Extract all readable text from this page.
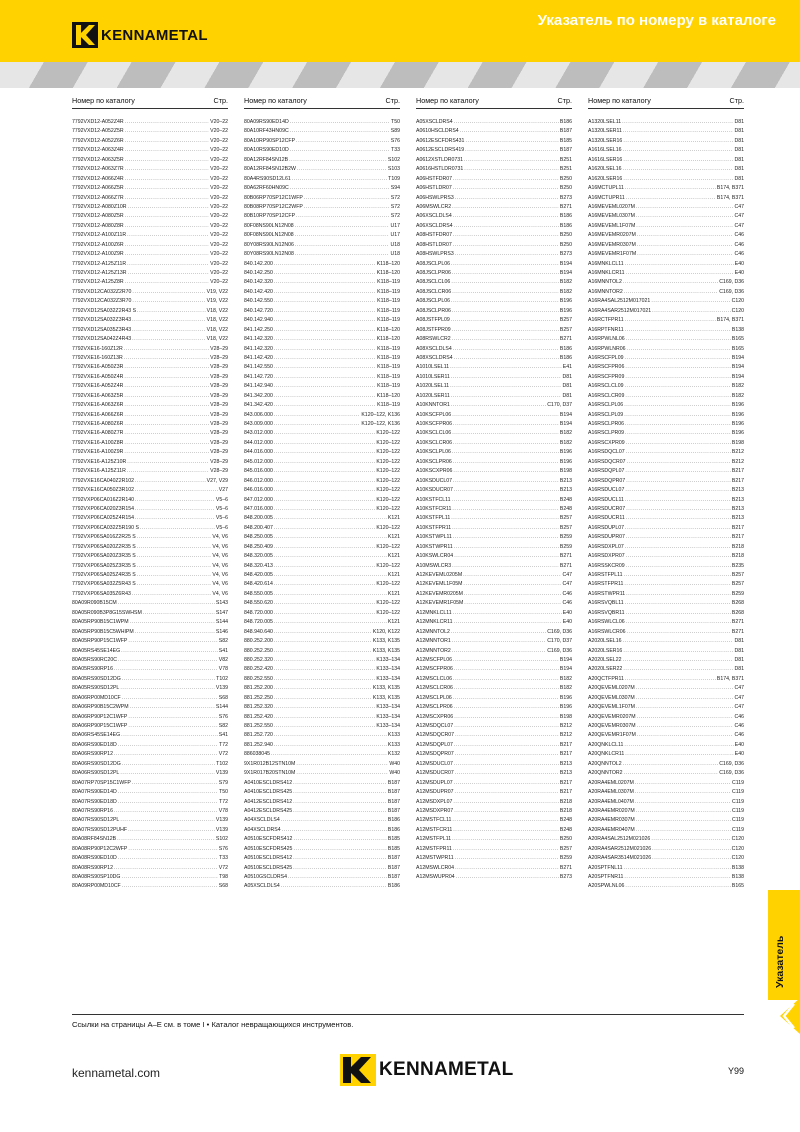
KENNAMETAL
Указатель по номеру в каталоге
Номер по каталогу	Стр.
7792VXD12-A052Z4R .....	V20–22
7792VXD12-A052Z5R .....	V20–22
7792VXD12-A052Z6R .....	V20–22
7792VXD12-A063Z4R .....	V20–22
7792VXD12-A063Z5R .....	V20–22
7792VXD12-A063Z7R .....	V20–22
7792VXD12-A066Z4R .....	V20–22
7792VXD12-A066Z5R .....	V20–22
7792VXD12-A066Z7R .....	V20–22
7792VXD12-A080Z10R .....	V20–22
7792VXD12-A080Z5R .....	V20–22
7792VXD12-A080Z8R .....	V20–22
7792VXD12-A100Z11R .....	V20–22
7792VXD12-A100Z6R .....	V20–22
7792VXD12-A100Z9R .....	V20–22
7792VXD12-A125Z11R .....	V20–22
7792VXD12-A125Z13R .....	V20–22
7792VXD12-A125Z8R .....	V20–22
7792VXD12CA032Z2R70 .....	V19, V22
7792VXD12CA032Z3R70 .....	V19, V22
7792VXD12SA032Z2R43 S .....	V18, V22
7792VXD12SA032Z3R43 .....	V18, V22
7792VXD12SA035Z3R43 .....	V18, V22
7792VXD12SA042Z4R43 .....	V18, V22
7792VXE16-160Z12R .....	V28–29
7792VXE16-160Z13R .....	V28–29
7792VXE16-A050Z3R .....	V28–29
7792VXE16-A050Z4R .....	V28–29
7792VXE16-A052Z4R .....	V28–29
7792VXE16-A063Z5R .....	V28–29
7792VXE16-A063Z6R .....	V28–29
7792VXE16-A066Z6R .....	V28–29
7792VXE16-A080Z6R .....	V28–29
7792VXE16-A080Z7R .....	V28–29
7792VXE16-A100Z8R .....	V28–29
7792VXE16-A100Z9R .....	V28–29
7792VXE16-A125Z10R .....	V28–29
7792VXE16-A125Z11R .....	V28–29
7792VXE16CA040Z2R102 .....	V27, V29
7792VXE16CA050Z3R102 .....	V27
7792VXP06CA016Z2R140 .....	V5–6
7792VXP06CA020Z3R154 .....	V5–6
7792VXP06CA025Z4R154 .....	V5–6
7792VXP06CA032Z5R190 S .....	V5–6
7792VXP06SA016Z2R25 S .....	V4, V6
7792VXP06SA020Z2R35 S .....	V4, V6
7792VXP06SA020Z3R35 S .....	V4, V6
7792VXP06SA025Z3R35 S .....	V4, V6
7792VXP06SA025Z4R35 S .....	V4, V6
7792VXP06SA032Z5R43 S .....	V4, V6
7792VXP06SA035Z6R43 .....	V4, V6
80A09R090B15CM .....	S143
80A05R090B3P8G15SWHSM .....	S147
80A05RP90B15C1WPM .....	S144
80A05RP90B15C5WHIPM .....	S146
80A05RP90P15C1WFP .....	S82
80A05RS45SE14EG .....	S41
80A05RS90RC20C .....	V82
80A05RS90RP16 .....	V78
80A05RS90SD12DG .....	T102
80A05RS90SD12PL .....	V139
80A06RP00MD10CF .....	S68
80A06RP90B15C2WPM .....	S144
80A06RP90P12C1WFP .....	S76
80A06RP90P15C1WFP .....	S82
80A06RS45SE14EG .....	S41
80A06RS90ED18D .....	T72
80A06RS90RP12 .....	V72
80A06RS90SD12DG .....	T102
80A06RS90SD12PL .....	V139
80A07RP70SP15C1WFP .....	S79
80A07RS90ED14D .....	T50
80A07RS90ED18D .....	T72
80A07RS90RP16 .....	V78
80A07RS90SD12PL .....	V139
80A07RS90SD12PUHF .....	V139
80A08RF84SN12B .....	S102
80A08RP90P12C2WFP .....	S76
80A08RS90ED10D .....	T33
80A08RS90RP12 .....	V72
80A08RS90SP10DG .....	T98
80A09RP00MD10CF .....	S68
Номер по каталогу	Стр.
80A09RS90ED14D .....	T50
80A10RF43HN09C .....	S89
80A10RP90SP12CFP .....	S76
80A10RS90ED10D .....	T33
80A12RF84SN12B .....	S102
80A12RF84SN12B2W .....	S103
80A4RS90SD12L61 .....	T109
80A62RF60HN09C .....	S94
80B06RP70SP12C1WFP .....	S72
80B08RP70SP12C2WFP .....	S72
80B10RP70SP12CFP .....	S72
80F08NS90LN12N08 .....	U17
80F08NS90LN12N08 .....	U17
80Y08RS90LN12N06 .....	U18
80Y08RS90LN12N08 .....	U18
840.142.200 .....	K118–120
840.142.250 .....	K118–120
840.142.320 .....	K118–119
840.142.420 .....	K118–119
840.142.550 .....	K118–119
840.142.720 .....	K118–119
840.142.940 .....	K118–119
841.142.250 .....	K118–120
841.142.320 .....	K118–120
841.142.320 .....	K118–119
841.142.420 .....	K118–119
841.142.550 .....	K118–119
841.142.720 .....	K118–119
841.142.940 .....	K118–119
841.342.200 .....	K118–120
841.342.420 .....	K118–119
843.006.000 .....	K120–122, K136
843.009.000 .....	K120–122, K136
843.012.000 .....	K120–122
844.012.000 .....	K120–122
844.016.000 .....	K120–122
845.012.000 .....	K120–122
845.016.000 .....	K120–122
846.012.000 .....	K120–122
846.016.000 .....	K120–122
847.012.000 .....	K120–122
847.016.000 .....	K120–122
848.200.005 .....	K121
848.200.407 .....	K120–122
848.250.005 .....	K121
848.250.409 .....	K120–122
848.320.005 .....	K121
848.320.413 .....	K120–122
848.420.005 .....	K121
848.420.614 .....	K120–122
848.550.005 .....	K121
848.550.620 .....	K120–122
848.720.000 .....	K120–122
848.720.005 .....	K121
848.940.640 .....	K120, K122
880.252.200 .....	K133, K135
880.252.250 .....	K133, K135
880.252.320 .....	K133–134
880.252.420 .....	K133–134
880.252.550 .....	K133–134
881.252.200 .....	K133, K135
881.252.250 .....	K133, K135
881.252.320 .....	K133–134
881.252.420 .....	K133–134
881.252.550 .....	K133–134
881.252.720 .....	K133
881.252.940 .....	K133
886038045 .....	K132
9X1R012B12STN10M .....	W40
9X1R017B20STN10M .....	W40
A0410ESCLDRS412 .....	B187
A0410ESCLDRS425 .....	B187
A0412ESCLDRS412 .....	B187
A0412ESCLDRS425 .....	B187
A04XSCLDLS4 .....	B186
A04XSCLDRS4 .....	B186
A0510ESCFDRS412 .....	B185
A0510ESCFDRS425 .....	B185
A0510ESCLDRS412 .....	B187
A0510ESCLDRS425 .....	B187
A0510GSCLDRS4 .....	B187
A05XSCLDLS4 .....	B186
Номер по каталогу	Стр.
A05XSCLDRS4 .....	B186
A0610HSCLDRS4 .....	B187
A0612ESCFDRS431 .....	B185
A0612ESCLDRS419 .....	B187
A0612XSTLDR0731 .....	B251
A0616HSTLDR0731 .....	B251
A06HSTFDR07 .....	B250
A06HSTLDR07 .....	B250
A06HSWLPRS3 .....	B273
A06MSWLCR2 .....	B271
A06XSCLDLS4 .....	B186
A06XSCLDRS4 .....	B186
A08HSTFDR07 .....	B250
A08HSTLDR07 .....	B250
A08HSWLPRS3 .....	B273
A08JSCLPL06 .....	B194
A08JSCLPR06 .....	B194
A08JSCLCL06 .....	B182
A08JSCLCR06 .....	B182
A08JSCLPL06 .....	B196
A08JSCLPR06 .....	B196
A08JSTFPL09 .....	B257
A08JSTFPR09 .....	B257
A08RSWLCR2 .....	B271
A08XSCLDLS4 .....	B186
A08XSCLDRS4 .....	B186
A1010LSEL11 .....	E41
A1010LSER11 .....	D81
A1020LSEL11 .....	D81
A1020LSER11 .....	D81
A10KNNTOR1 .....	C170, D37
A10KSCFPL06 .....	B194
A10KSCFPR06 .....	B194
A10KSCLCL06 .....	B182
A10KSCLCR06 .....	B182
A10KSCLPL06 .....	B196
A10KSCLPR06 .....	B196
A10KSCXPR06 .....	B198
A10KSDUCL07 .....	B213
A10KSDUCR07 .....	B213
A10KSTFCL11 .....	B248
A10KSTFCR11 .....	B248
A10KSTFPL11 .....	B257
A10KSTFPR11 .....	B257
A10KSTWPL11 .....	B259
A10KSTWPR11 .....	B259
A10KSWLCR04 .....	B271
A10MSWLCR3 .....	B271
A12KEVEML0205M .....	C47
A12KEVEML1F05M .....	C47
A12KEVEMR0205M .....	C46
A12KEVEMR1F05M .....	C46
A12MNKLCL11 .....	E40
A12MNKLCR11 .....	E40
A12MNNTOL2 .....	C169, D36
A12MNNTOR1 .....	C170, D37
A12MNNTOR2 .....	C169, D36
A12MSCFPL06 .....	B194
A12MSCFPR06 .....	B194
A12MSCLCL06 .....	B182
A12MSCLCR06 .....	B182
A12MSCLPL06 .....	B196
A12MSCLPR06 .....	B196
A12MSCXPR06 .....	B198
A12MSDQCL07 .....	B212
A12MSDQCR07 .....	B212
A12MSDQPL07 .....	B217
A12MSDQPR07 .....	B217
A12MSDUCL07 .....	B213
A12MSDUCR07 .....	B213
A12MSDUPL07 .....	B217
A12MSDUPR07 .....	B217
A12MSDXPL07 .....	B218
A12MSDXPR07 .....	B218
A12MSTFCL11 .....	B248
A12MSTFCR11 .....	B248
A12MSTFPL11 .....	B250
A12MSTFPR11 .....	B257
A12MSTWPR11 .....	B259
A12MSWLCR04 .....	B271
A12MSWUPR04 .....	B273
Номер по каталогу	Стр.
A1320LSEL11 .....	D81
A1320LSER11 .....	D81
A1320LSER16 .....	D81
A1616LSEL16 .....	D81
A1616LSER16 .....	D81
A1620LSEL16 .....	D81
A1620LSER16 .....	D81
A16MCTUPL11 .....	B174, B371
A16MCTUPR11 .....	B174, B371
A16MEVEML0207M .....	C47
A16MEVEML0307M .....	C47
A16MEVEML1F07M .....	C47
A16MEVEMR0207M .....	C46
A16MEVEMR0307M .....	C46
A16MEVEMR1F07M .....	C46
A16MNKLCL11 .....	E40
A16MNKLCR11 .....	E40
A16MNNTOL2 .....	C169, D36
A16MNNTOR2 .....	C169, D36
A16RA4SAL2512M017021 .....	C120
A16RA4SAR2512M017021 .....	C120
A16RCTFPR11 .....	B174, B371
A16RPTFNR11 .....	B138
A16RPWLNL06 .....	B165
A16RPWLNR06 .....	B165
A16RSCFPL09 .....	B194
A16RSCFPR06 .....	B194
A16RSCFPR09 .....	B194
A16RSCLCL09 .....	B182
A16RSCLCR09 .....	B182
A16RSCLPL06 .....	B196
A16RSCLPL09 .....	B196
A16RSCLPR06 .....	B196
A16RSCLPR09 .....	B196
A16RSCXPR09 .....	B198
A16RSDQCL07 .....	B212
A16RSDQCR07 .....	B212
A16RSDQPL07 .....	B217
A16RSDQPR07 .....	B217
A16RSDUCL07 .....	B213
A16RSDUCL11 .....	B213
A16RSDUCR07 .....	B213
A16RSDUCR11 .....	B213
A16RSDUPL07 .....	B217
A16RSDUPR07 .....	B217
A16RSDXPL07 .....	B218
A16RSDXPR07 .....	B218
A16RSSKCR09 .....	B235
A16RSTFPL11 .....	B257
A16RSTFPR11 .....	B257
A16RSTWPR11 .....	B259
A16RSVQBL11 .....	B268
A16RSVQBR11 .....	B268
A16RSWLCL06 .....	B271
A16RSWLCR06 .....	B271
A2020LSEL16 .....	D81
A2020LSER16 .....	D81
A2020LSEL22 .....	D81
A2020LSER22 .....	D81
A20QCTFPR11 .....	B174, B371
A20QEVEML0207M .....	C47
A20QEVEML0307M .....	C47
A20QEVEML1F07M .....	C47
A20QEVEMR0207M .....	C46
A20QEVEMR0307M .....	C46
A20QEVEMR1F07M .....	C46
A20QNKLCL11 .....	E40
A20QNKLCR11 .....	E40
A20QNNTOL2 .....	C169, D36
A20QNNTOR2 .....	C169, D36
A20RA4EML0207M .....	C119
A20RA4EML0307M .....	C119
A20RA4EML0407M .....	C119
A20RA4EMR0207M .....	C119
A20RA4EMR0307M .....	C119
A20RA4EMR0407M .....	C119
A20RA4SAL2512M021026 .....	C120
A20RA4SAR2512M021026 .....	C120
A20RA4SAR3514M021026 .....	C120
A20SPTFNL11 .....	B138
A20SPTFNR11 .....	B138
A20SPWLNL06 .....	B165
Ссылки на страницы А–Е см. в томе I • Каталог невращающихся инструментов.
kennametal.com	KENNAMETAL	Y99
Указатель
